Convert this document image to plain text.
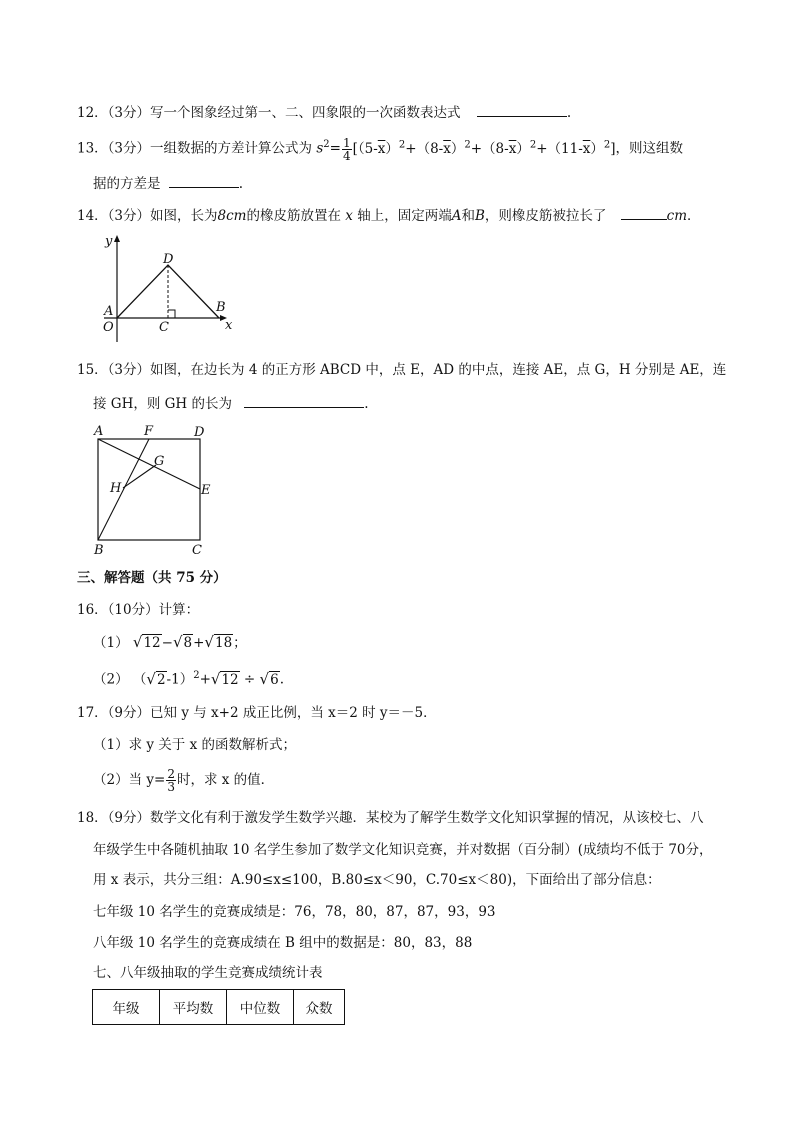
12．（3分）写一个图象经过第一、二、四象限的一次函数表达式	.
13．（3分）一组数据的方差计算公式为 $s^2= \frac{1}{4} [(5-\overline{x})^2+(8-\overline{x})^2+(8-\overline{x})^2+(11-\overline{x})^2]$，则这组数
据的方差是	.
14．（3分）如图，长为8cm的橡皮筋放置在 x 轴上，固定两端A和B，则橡皮筋被拉长了	cm．
y
D
A	B
O	C	x
15．（3分）如图，在边长为 4 的正方形 ABCD 中，点 E，AD 的中点，连接 AE，点 G，H 分别是 AE，连
接 GH，则 GH 的长为	.
A	F	D
G
H	E
B	C
三、解答题（共 75 分）
16．（10分）计算：
（1） √12−√8+√18；
（2） $(√2-1)^2+√12 \div √6$.
17．（9分）已知 y 与 x+2 成正比例，当 x＝2 时 y＝－5．
（1）求 y 关于 x 的函数解析式；
（2）当 $y= \frac{2}{3}$ 时，求 x 的值．
18．（9分）数学文化有利于激发学生数学兴趣．某校为了解学生数学文化知识掌握的情况，从该校七、八
年级学生中各随机抽取 10 名学生参加了数学文化知识竞赛，并对数据（百分制）(成绩均不低于 70分，
用 x 表示，共分三组：A.90≤x≤100，B.80≤x＜90，C.70≤x＜80)，下面给出了部分信息：
七年级 10 名学生的竞赛成绩是：76，78，80，87，87，93，93
八年级 10 名学生的竞赛成绩在 B 组中的数据是：80，83，88
七、八年级抽取的学生竞赛成绩统计表
年级	平均数	中位数	众数
